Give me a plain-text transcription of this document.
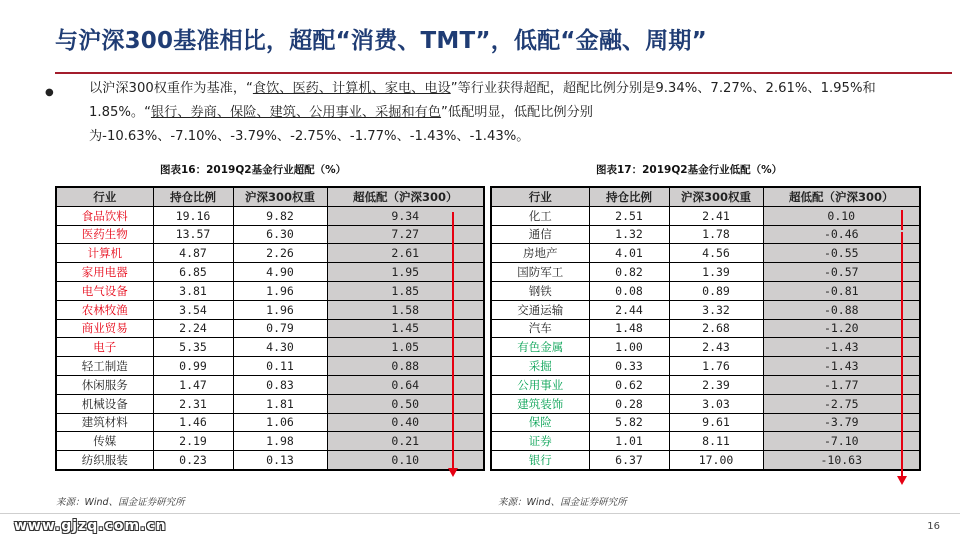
与沪深300基准相比，超配“消费、TMT”，低配“金融、周期”
●	以沪深300权重作为基准，“食饮、医药、计算机、家电、电设”等行业获得超配，超配比例分别是9.34%、7.27%、2.61%、1.95%和1.85%。“银行、券商、保险、建筑、公用事业、采掘和有色”低配明显，低配比例分别为-10.63%、-7.10%、-3.79%、-2.75%、-1.77%、-1.43%、-1.43%。
图表16：2019Q2基金行业超配（%）	图表17：2019Q2基金行业低配（%）
行业	持仓比例	沪深300权重	超低配（沪深300）
食品饮料	19.16	9.82	9.34
医药生物	13.57	6.30	7.27
计算机	4.87	2.26	2.61
家用电器	6.85	4.90	1.95
电气设备	3.81	1.96	1.85
农林牧渔	3.54	1.96	1.58
商业贸易	2.24	0.79	1.45
电子	5.35	4.30	1.05
轻工制造	0.99	0.11	0.88
休闲服务	1.47	0.83	0.64
机械设备	2.31	1.81	0.50
建筑材料	1.46	1.06	0.40
传媒	2.19	1.98	0.21
纺织服装	0.23	0.13	0.10
行业	持仓比例	沪深300权重	超低配（沪深300）
化工	2.51	2.41	0.10
通信	1.32	1.78	-0.46
房地产	4.01	4.56	-0.55
国防军工	0.82	1.39	-0.57
钢铁	0.08	0.89	-0.81
交通运输	2.44	3.32	-0.88
汽车	1.48	2.68	-1.20
有色金属	1.00	2.43	-1.43
采掘	0.33	1.76	-1.43
公用事业	0.62	2.39	-1.77
建筑装饰	0.28	3.03	-2.75
保险	5.82	9.61	-3.79
证券	1.01	8.11	-7.10
银行	6.37	17.00	-10.63
来源：Wind、国金证券研究所	来源：Wind、国金证券研究所
www.gjzq.com.cn	16
